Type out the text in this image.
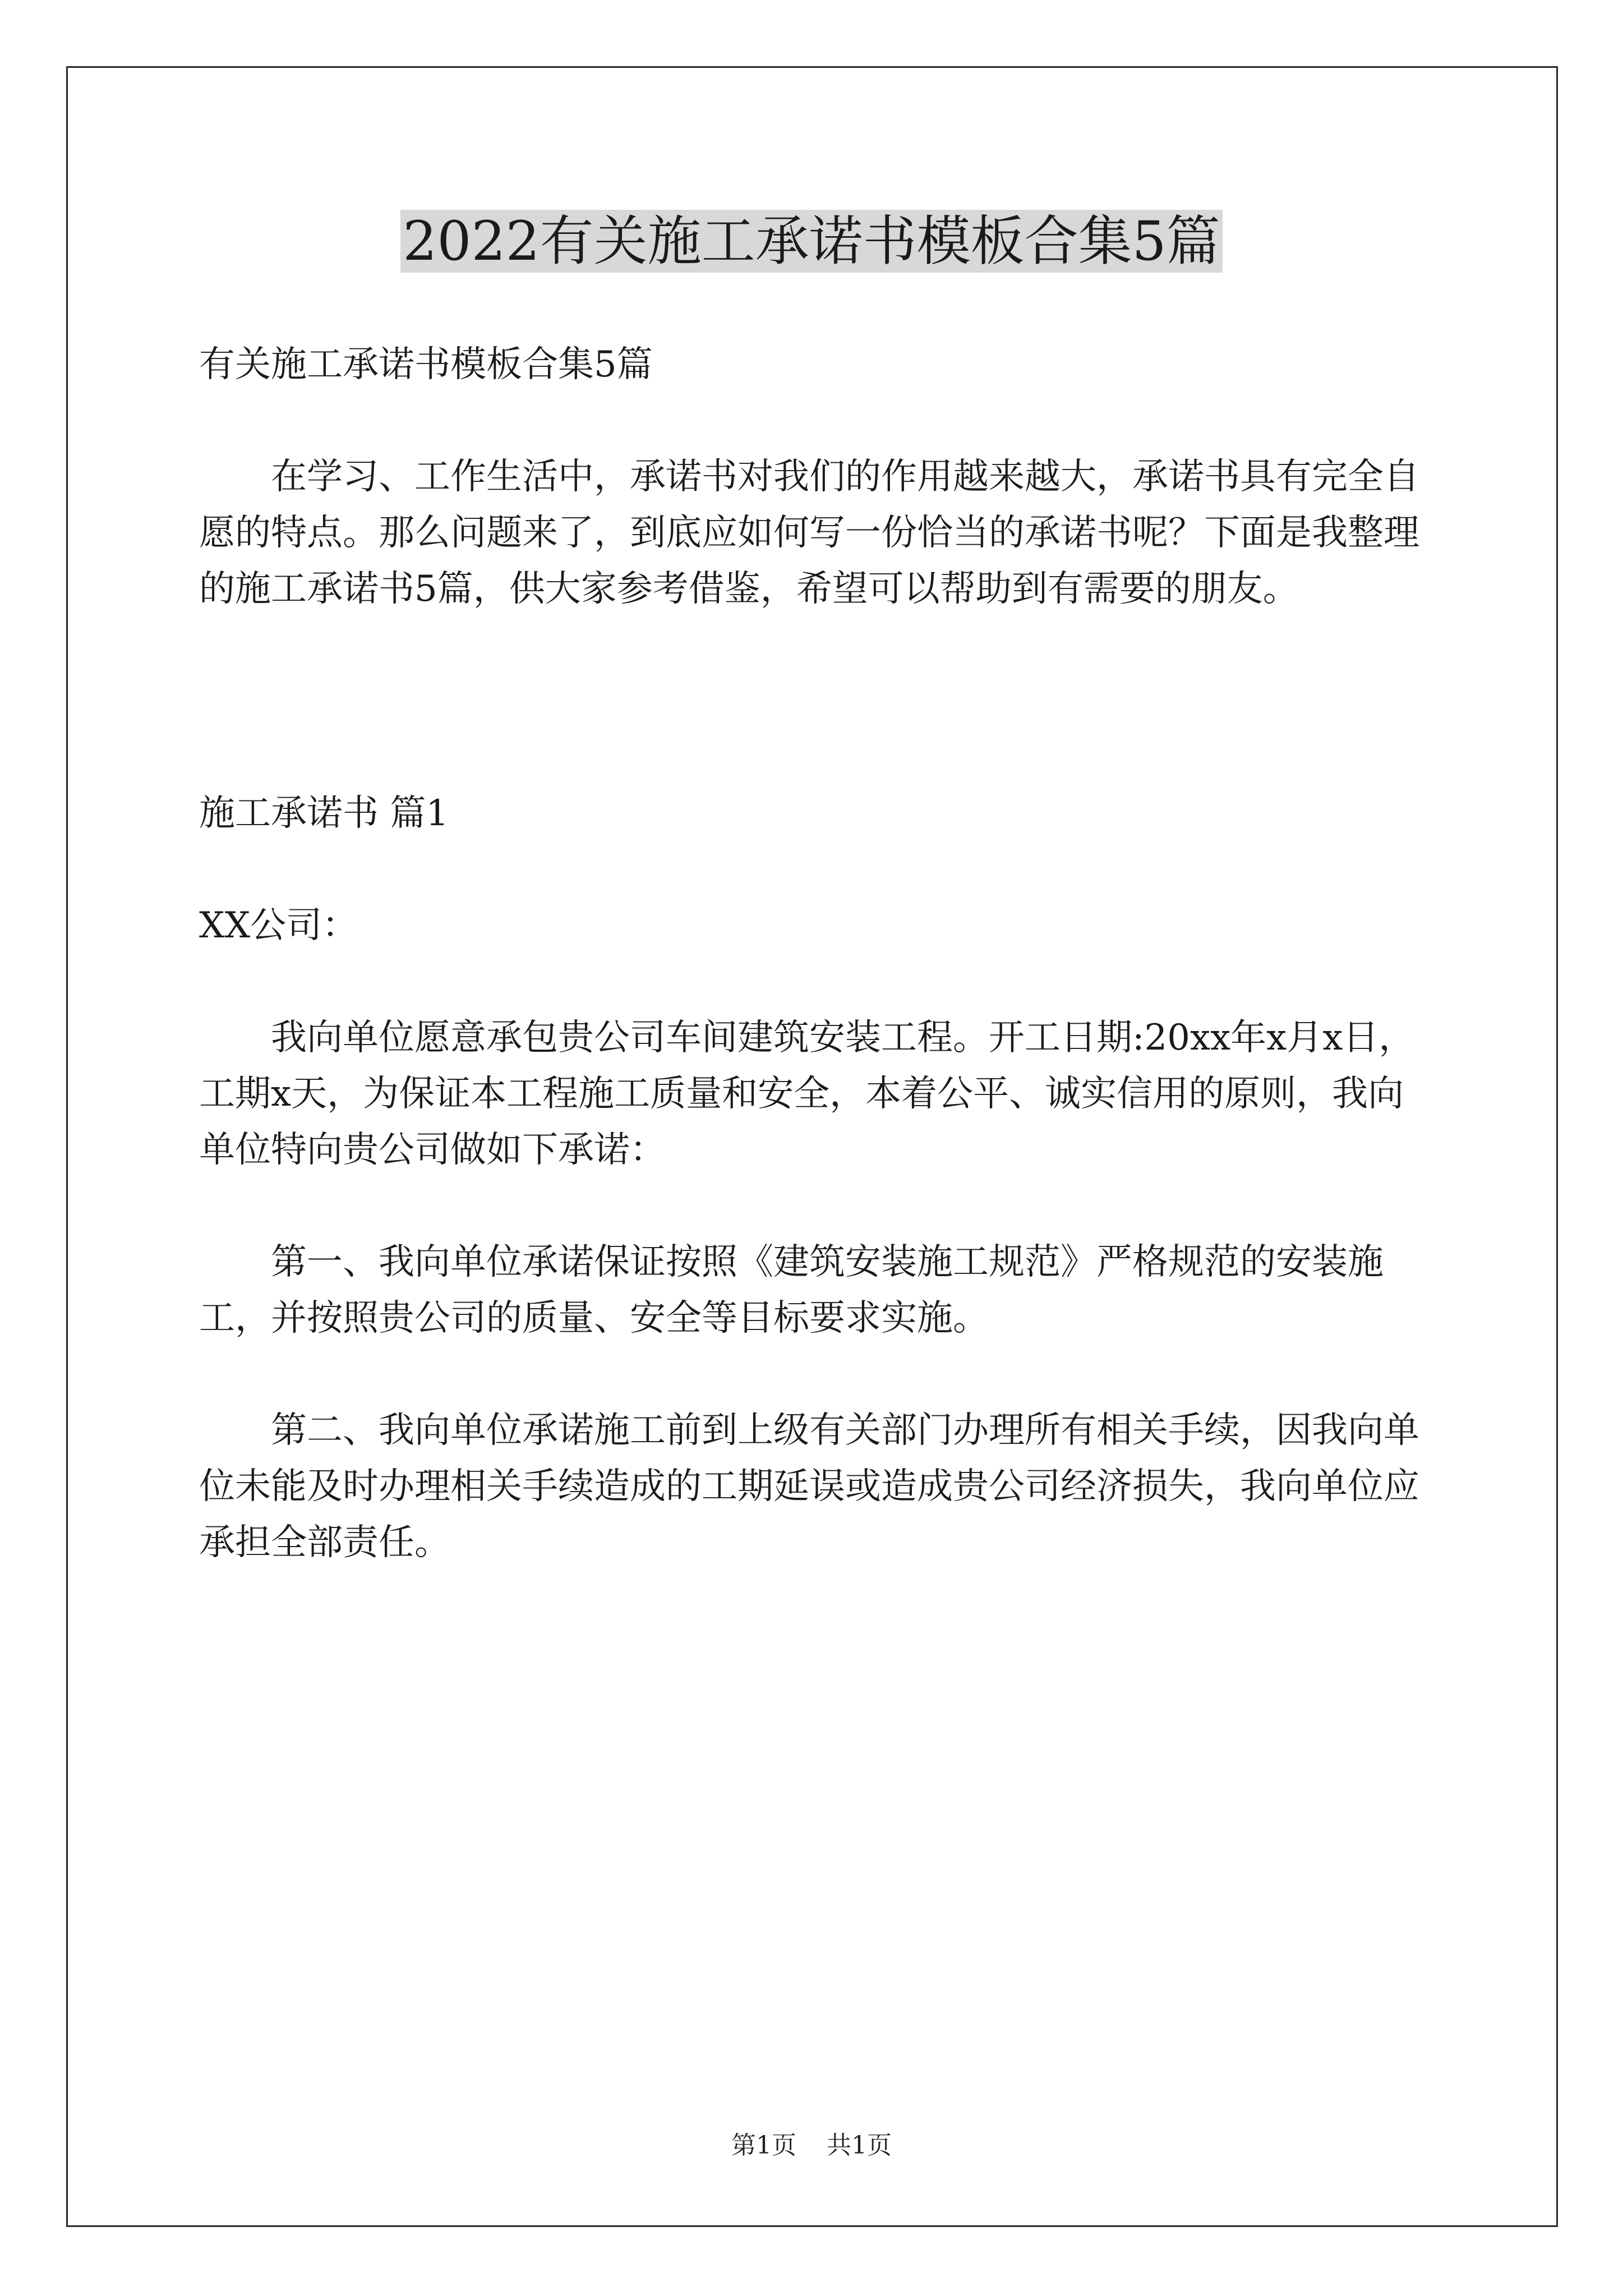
2022有关施工承诺书模板合集5篇

有关施工承诺书模板合集5篇

在学习、工作生活中，承诺书对我们的作用越来越大，承诺书具有完全自愿的特点。那么问题来了，到底应如何写一份恰当的承诺书呢？下面是我整理的施工承诺书5篇，供大家参考借鉴，希望可以帮助到有需要的朋友。

施工承诺书 篇1

XX公司：

我向单位愿意承包贵公司车间建筑安装工程。开工日期:20xx年x月x日，工期x天，为保证本工程施工质量和安全，本着公平、诚实信用的原则，我向单位特向贵公司做如下承诺：

第一、我向单位承诺保证按照《建筑安装施工规范》严格规范的安装施工，并按照贵公司的质量、安全等目标要求实施。

第二、我向单位承诺施工前到上级有关部门办理所有相关手续，因我向单位未能及时办理相关手续造成的工期延误或造成贵公司经济损失，我向单位应承担全部责任。

第1页 共1页
